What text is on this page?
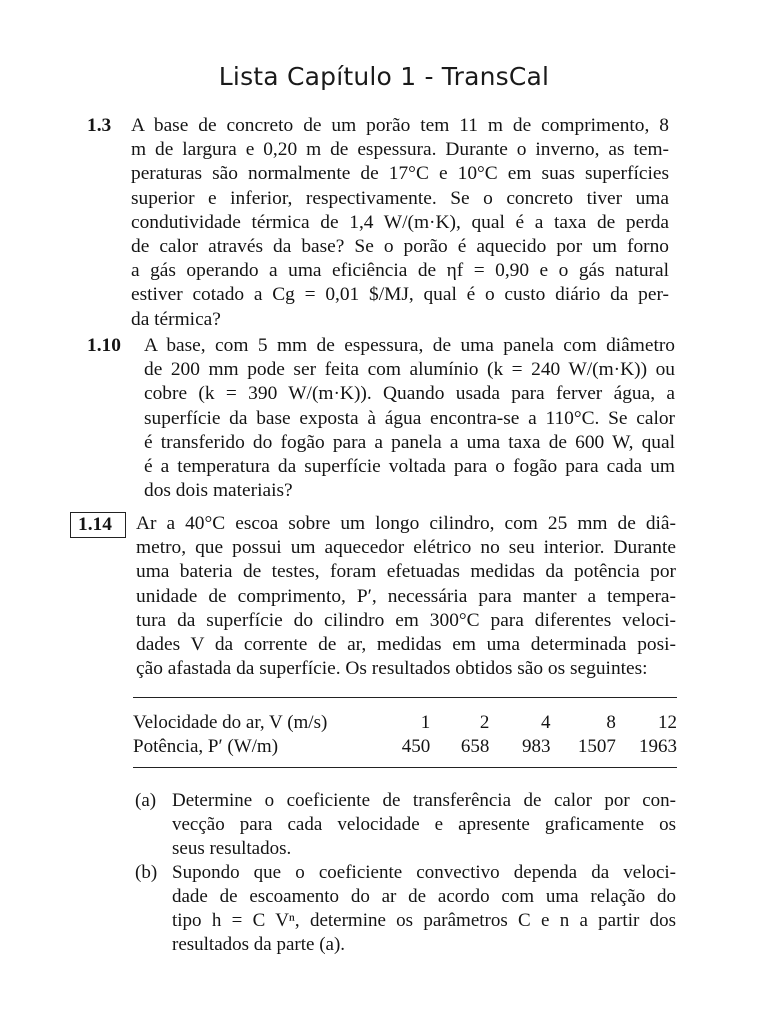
Lista Capítulo 1 - TransCal
1.3 A base de concreto de um porão tem 11 m de comprimento, 8
m de largura e 0,20 m de espessura. Durante o inverno, as tem-
peraturas são normalmente de 17°C e 10°C em suas superfícies
superior e inferior, respectivamente. Se o concreto tiver uma
condutividade térmica de 1,4 W/(m·K), qual é a taxa de perda
de calor através da base? Se o porão é aquecido por um forno
a gás operando a uma eficiência de ηf = 0,90 e o gás natural
estiver cotado a Cg = 0,01 $/MJ, qual é o custo diário da per-
da térmica?
1.10 A base, com 5 mm de espessura, de uma panela com diâmetro
de 200 mm pode ser feita com alumínio (k = 240 W/(m·K)) ou
cobre (k = 390 W/(m·K)). Quando usada para ferver água, a
superfície da base exposta à água encontra-se a 110°C. Se calor
é transferido do fogão para a panela a uma taxa de 600 W, qual
é a temperatura da superfície voltada para o fogão para cada um
dos dois materiais?
1.14 Ar a 40°C escoa sobre um longo cilindro, com 25 mm de diâ-
metro, que possui um aquecedor elétrico no seu interior. Durante
uma bateria de testes, foram efetuadas medidas da potência por
unidade de comprimento, P′, necessária para manter a tempera-
tura da superfície do cilindro em 300°C para diferentes veloci-
dades V da corrente de ar, medidas em uma determinada posi-
ção afastada da superfície. Os resultados obtidos são os seguintes:
Velocidade do ar, V (m/s)	1	2	4	8	12
Potência, P′ (W/m)	450	658	983	1507	1963
(a) Determine o coeficiente de transferência de calor por con-
vecção para cada velocidade e apresente graficamente os
seus resultados.
(b) Supondo que o coeficiente convectivo dependa da veloci-
dade de escoamento do ar de acordo com uma relação do
tipo h = C Vⁿ, determine os parâmetros C e n a partir dos
resultados da parte (a).
